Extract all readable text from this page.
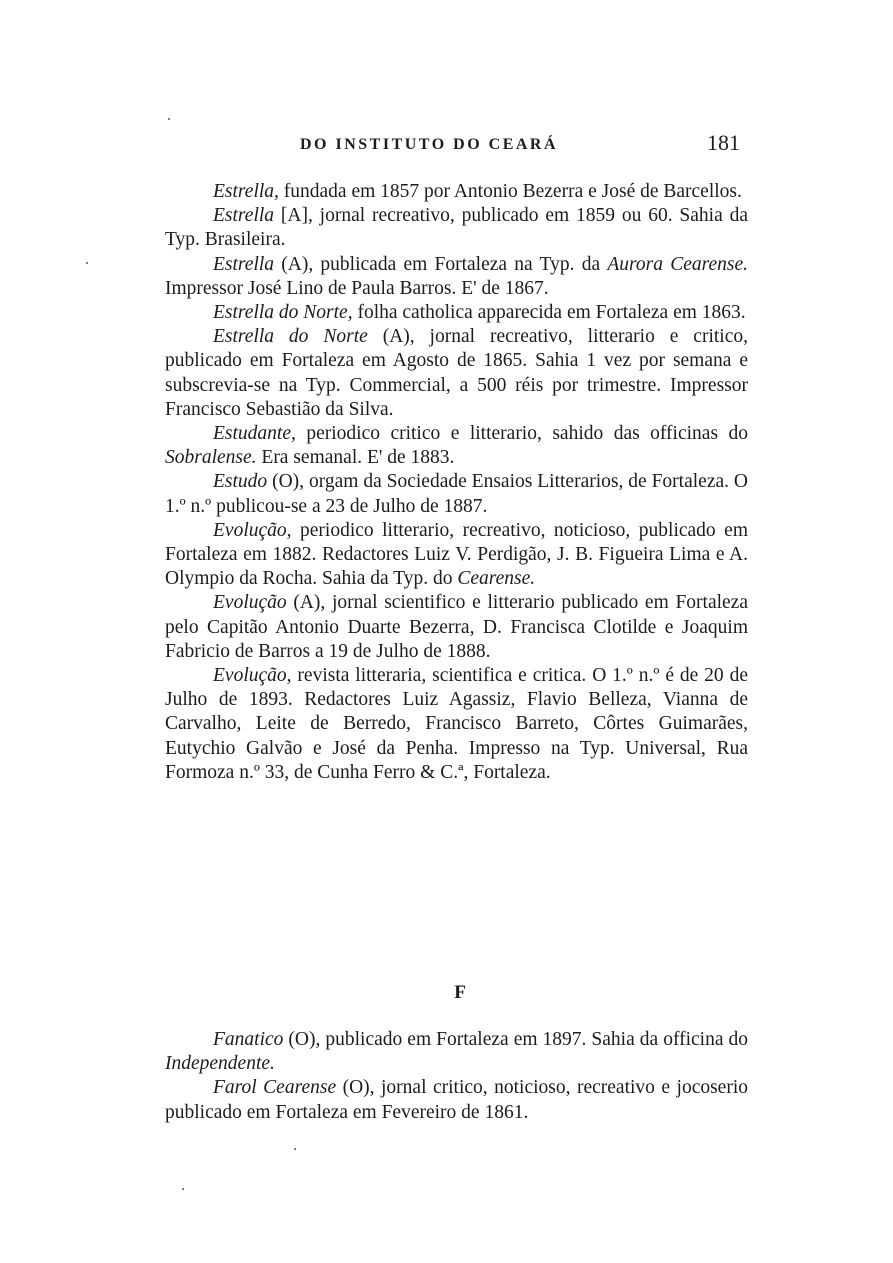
DO INSTITUTO DO CEARÁ	181

Estrella, fundada em 1857 por Antonio Bezerra e José de Barcellos.

Estrella [A], jornal recreativo, publicado em 1859 ou 60. Sahia da Typ. Brasileira.

Estrella (A), publicada em Fortaleza na Typ. da Aurora Cearense. Impressor José Lino de Paula Barros. E' de 1867.

Estrella do Norte, folha catholica apparecida em Fortaleza em 1863.

Estrella do Norte (A), jornal recreativo, litterario e critico, publicado em Fortaleza em Agosto de 1865. Sahia 1 vez por semana e subscrevia-se na Typ. Commercial, a 500 réis por trimestre. Impressor Francisco Sebastião da Silva.

Estudante, periodico critico e litterario, sahido das officinas do Sobralense. Era semanal. E' de 1883.

Estudo (O), orgam da Sociedade Ensaios Litterarios, de Fortaleza. O 1.º n.º publicou-se a 23 de Julho de 1887.

Evolução, periodico litterario, recreativo, noticioso, publicado em Fortaleza em 1882. Redactores Luiz V. Perdigão, J. B. Figueira Lima e A. Olympio da Rocha. Sahia da Typ. do Cearense.

Evolução (A), jornal scientifico e litterario publicado em Fortaleza pelo Capitão Antonio Duarte Bezerra, D. Francisca Clotilde e Joaquim Fabricio de Barros a 19 de Julho de 1888.

Evolução, revista litteraria, scientifica e critica. O 1.º n.º é de 20 de Julho de 1893. Redactores Luiz Agassiz, Flavio Belleza, Vianna de Carvalho, Leite de Berredo, Francisco Barreto, Côrtes Guimarães, Eutychio Galvão e José da Penha. Impresso na Typ. Universal, Rua Formoza n.º 33, de Cunha Ferro & C.ª, Fortaleza.

F

Fanatico (O), publicado em Fortaleza em 1897. Sahia da officina do Independente.

Farol Cearense (O), jornal critico, noticioso, recreativo e jocoserio publicado em Fortaleza em Fevereiro de 1861.
